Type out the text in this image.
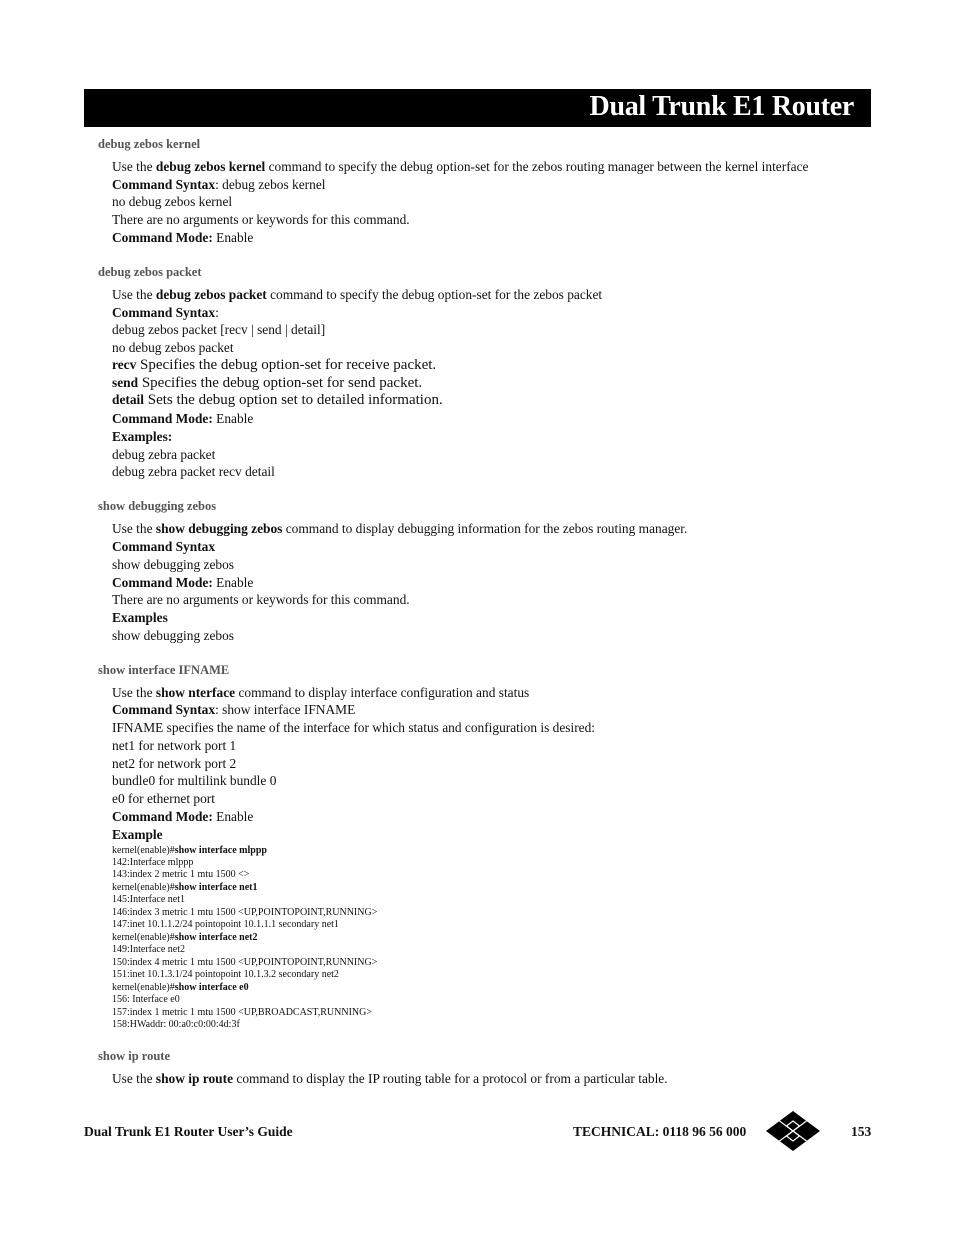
Dual Trunk E1 Router
debug zebos kernel
Use the debug zebos kernel command to specify the debug option-set for the zebos routing manager between the kernel interface
Command Syntax: debug zebos kernel
no debug zebos kernel
There are no arguments or keywords for this command.
Command Mode: Enable
debug zebos packet
Use the debug zebos packet command to specify the debug option-set for the zebos packet
Command Syntax:
debug zebos packet [recv | send | detail]
no debug zebos packet
recv Specifies the debug option-set for receive packet.
send Specifies the debug option-set for send packet.
detail Sets the debug option set to detailed information.
Command Mode: Enable
Examples:
debug zebra packet
debug zebra packet recv detail
show debugging zebos
Use the show debugging zebos command to display debugging information for the zebos routing manager.
Command Syntax
show debugging zebos
Command Mode: Enable
There are no arguments or keywords for this command.
Examples
show debugging zebos
show interface IFNAME
Use the show nterface command to display interface configuration and status
Command Syntax: show interface IFNAME
IFNAME specifies the name of the interface for which status and configuration is desired:
net1 for network port 1
net2 for network port 2
bundle0 for multilink bundle 0
e0 for ethernet port
Command Mode: Enable
Example
kernel(enable)#show interface mlppp
142:Interface mlppp
143:index 2 metric 1 mtu 1500 <>
kernel(enable)#show interface net1
145:Interface net1
146:index 3 metric 1 mtu 1500 <UP,POINTOPOINT,RUNNING>
147:inet 10.1.1.2/24 pointopoint 10.1.1.1 secondary net1
kernel(enable)#show interface net2
149:Interface net2
150:index 4 metric 1 mtu 1500 <UP,POINTOPOINT,RUNNING>
151:inet 10.1.3.1/24 pointopoint 10.1.3.2 secondary net2
kernel(enable)#show interface e0
156: Interface e0
157:index 1 metric 1 mtu 1500 <UP,BROADCAST,RUNNING>
158:HWaddr: 00:a0:c0:00:4d:3f
show ip route
Use the show ip route command to display the IP routing table for a protocol or from a particular table.
Dual Trunk E1 Router User’s Guide	TECHNICAL: 0118 96 56 000	153
